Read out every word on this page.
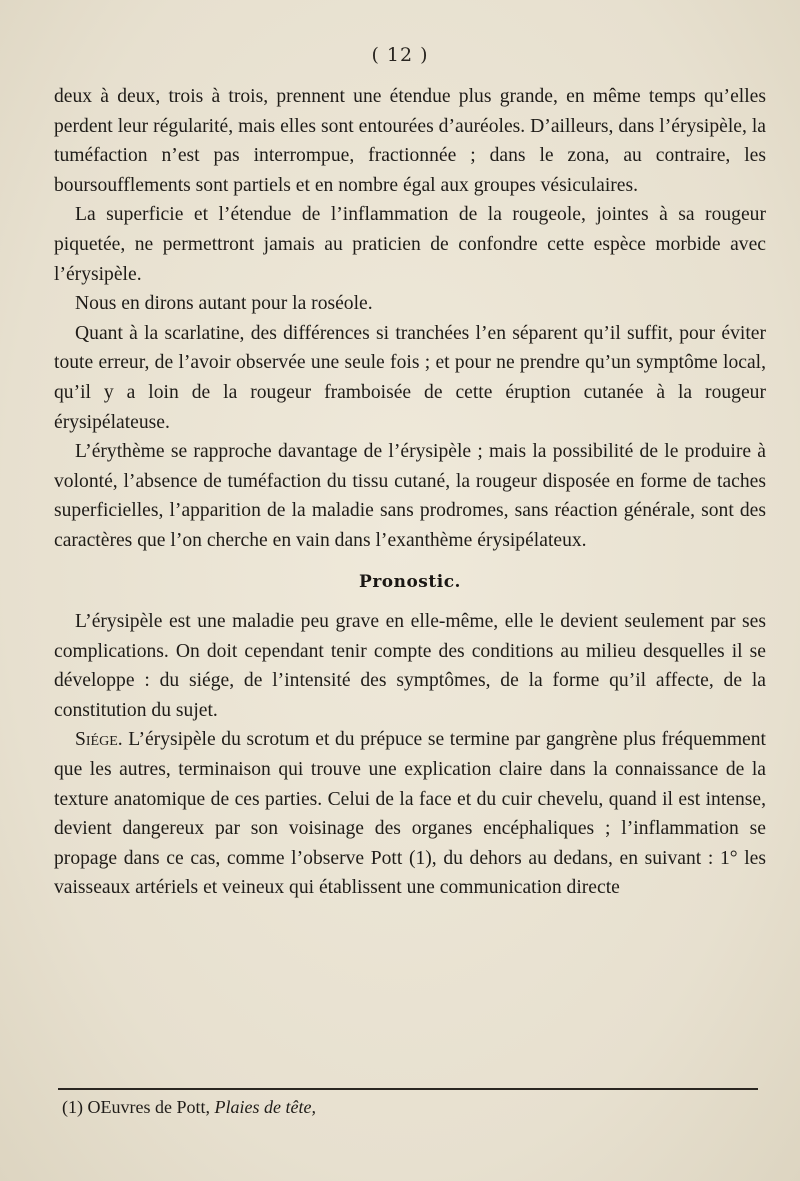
( 12 )

deux à deux, trois à trois, prennent une étendue plus grande, en même temps qu’elles perdent leur régularité, mais elles sont entourées d’auréoles. D’ailleurs, dans l’érysipèle, la tuméfaction n’est pas interrompue, fractionnée ; dans le zona, au contraire, les boursoufflements sont partiels et en nombre égal aux groupes vésiculaires.

La superficie et l’étendue de l’inflammation de la rougeole, jointes à sa rougeur piquetée, ne permettront jamais au praticien de confondre cette espèce morbide avec l’érysipèle.

Nous en dirons autant pour la roséole.

Quant à la scarlatine, des différences si tranchées l’en séparent qu’il suffit, pour éviter toute erreur, de l’avoir observée une seule fois ; et pour ne prendre qu’un symptôme local, qu’il y a loin de la rougeur framboisée de cette éruption cutanée à la rougeur érysipélateuse.

L’érythème se rapproche davantage de l’érysipèle ; mais la possibilité de le produire à volonté, l’absence de tuméfaction du tissu cutané, la rougeur disposée en forme de taches superficielles, l’apparition de la maladie sans prodromes, sans réaction générale, sont des caractères que l’on cherche en vain dans l’exanthème érysipélateux.

Pronostic.

L’érysipèle est une maladie peu grave en elle-même, elle le devient seulement par ses complications. On doit cependant tenir compte des conditions au milieu desquelles il se développe : du siége, de l’intensité des symptômes, de la forme qu’il affecte, de la constitution du sujet.

Siége. L’érysipèle du scrotum et du prépuce se termine par gangrène plus fréquemment que les autres, terminaison qui trouve une explication claire dans la connaissance de la texture anatomique de ces parties. Celui de la face et du cuir chevelu, quand il est intense, devient dangereux par son voisinage des organes encéphaliques ; l’inflammation se propage dans ce cas, comme l’observe Pott (1), du dehors au dedans, en suivant : 1° les vaisseaux artériels et veineux qui établissent une communication directe

(1) OEuvres de Pott, Plaies de tête,
